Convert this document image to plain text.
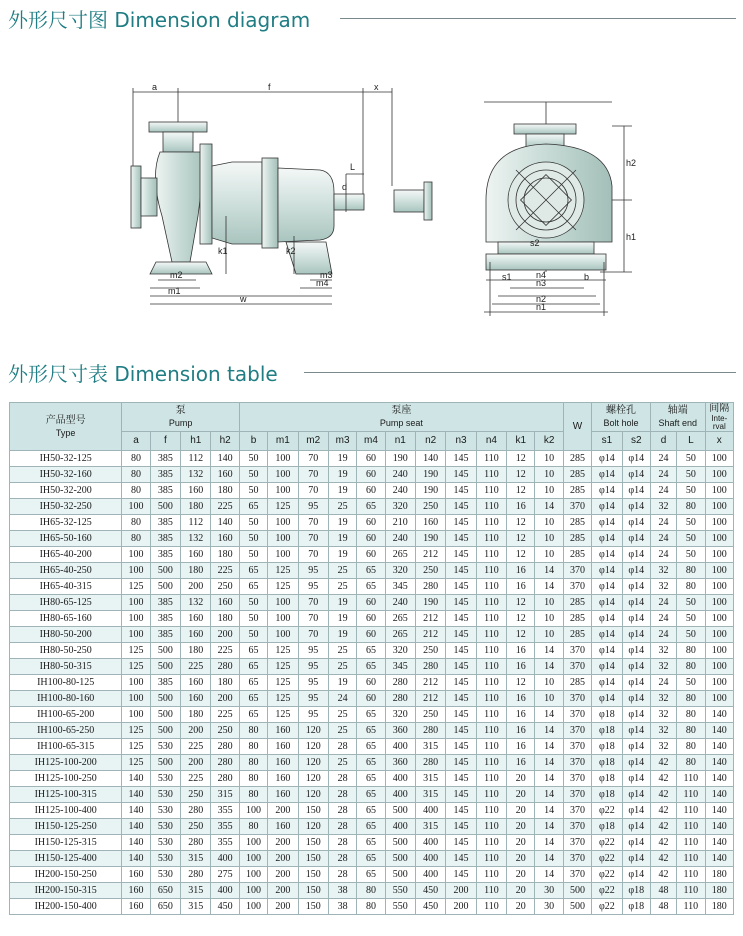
外形尺寸图 Dimension diagram
a	f	x
L
d
k1	k2
m2
m1
m3
m4
w
h2
h1
s2
s1	b
n4
n3
n2
n1
外形尺寸表 Dimension table
产品型号
Type	泵
Pump				泵座
Pump seat											W	螺栓孔
Bolt hole		轴端
Shaft end		间隔
Inte-rval

	a	f	h1	h2	b	m1	m2	m3	m4	n1	n2	n3	n4	k1	k2		s1	s2	d	L	x
IH50-32-125	80	385	112	140	50	100	70	19	60	190	140	145	110	12	10	285	φ14	φ14	24	50	100
IH50-32-160	80	385	132	160	50	100	70	19	60	240	190	145	110	12	10	285	φ14	φ14	24	50	100
IH50-32-200	80	385	160	180	50	100	70	19	60	240	190	145	110	12	10	285	φ14	φ14	24	50	100
IH50-32-250	100	500	180	225	65	125	95	25	65	320	250	145	110	16	14	370	φ14	φ14	32	80	100
IH65-32-125	80	385	112	140	50	100	70	19	60	210	160	145	110	12	10	285	φ14	φ14	24	50	100
IH65-50-160	80	385	132	160	50	100	70	19	60	240	190	145	110	12	10	285	φ14	φ14	24	50	100
IH65-40-200	100	385	160	180	50	100	70	19	60	265	212	145	110	12	10	285	φ14	φ14	24	50	100
IH65-40-250	100	500	180	225	65	125	95	25	65	320	250	145	110	16	14	370	φ14	φ14	32	80	100
IH65-40-315	125	500	200	250	65	125	95	25	65	345	280	145	110	16	14	370	φ14	φ14	32	80	100
IH80-65-125	100	385	132	160	50	100	70	19	60	240	190	145	110	12	10	285	φ14	φ14	24	50	100
IH80-65-160	100	385	160	180	50	100	70	19	60	265	212	145	110	12	10	285	φ14	φ14	24	50	100
IH80-50-200	100	385	160	200	50	100	70	19	60	265	212	145	110	12	10	285	φ14	φ14	24	50	100
IH80-50-250	125	500	180	225	65	125	95	25	65	320	250	145	110	16	14	370	φ14	φ14	32	80	100
IH80-50-315	125	500	225	280	65	125	95	25	65	345	280	145	110	16	14	370	φ14	φ14	32	80	100
IH100-80-125	100	385	160	180	65	125	95	19	60	280	212	145	110	12	10	285	φ14	φ14	24	50	100
IH100-80-160	100	500	160	200	65	125	95	24	60	280	212	145	110	16	10	370	φ14	φ14	32	80	100
IH100-65-200	100	500	180	225	65	125	95	25	65	320	250	145	110	16	14	370	φ18	φ14	32	80	140
IH100-65-250	125	500	200	250	80	160	120	25	65	360	280	145	110	16	14	370	φ18	φ14	32	80	140
IH100-65-315	125	530	225	280	80	160	120	28	65	400	315	145	110	16	14	370	φ18	φ14	32	80	140
IH125-100-200	125	500	200	280	80	160	120	25	65	360	280	145	110	16	14	370	φ18	φ14	42	80	140
IH125-100-250	140	530	225	280	80	160	120	28	65	400	315	145	110	20	14	370	φ18	φ14	42	110	140
IH125-100-315	140	530	250	315	80	160	120	28	65	400	315	145	110	20	14	370	φ18	φ14	42	110	140
IH125-100-400	140	530	280	355	100	200	150	28	65	500	400	145	110	20	14	370	φ22	φ14	42	110	140
IH150-125-250	140	530	250	355	80	160	120	28	65	400	315	145	110	20	14	370	φ18	φ14	42	110	140
IH150-125-315	140	530	280	355	100	200	150	28	65	500	400	145	110	20	14	370	φ22	φ14	42	110	140
IH150-125-400	140	530	315	400	100	200	150	28	65	500	400	145	110	20	14	370	φ22	φ14	42	110	140
IH200-150-250	160	530	280	275	100	200	150	28	65	500	400	145	110	20	14	370	φ22	φ14	42	110	180
IH200-150-315	160	650	315	400	100	200	150	38	80	550	450	200	110	20	30	500	φ22	φ18	48	110	180
IH200-150-400	160	650	315	450	100	200	150	38	80	550	450	200	110	20	30	500	φ22	φ18	48	110	180
